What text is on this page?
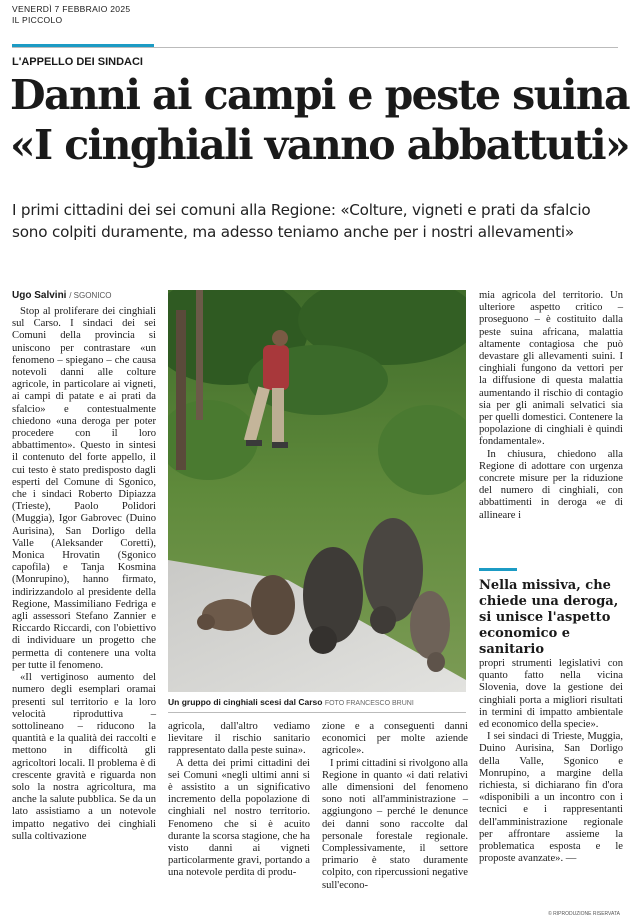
VENERDÌ 7 FEBBRAIO 2025
IL PICCOLO
L'APPELLO DEI SINDACI
Danni ai campi e peste suina
«I cinghiali vanno abbattuti»
I primi cittadini dei sei comuni alla Regione: «Colture, vigneti e prati da sfalcio sono colpiti duramente, ma adesso teniamo anche per i nostri allevamenti»
Ugo Salvini / SGONICO

Stop al proliferare dei cinghiali sul Carso. I sindaci dei sei Comuni della provincia si uniscono per contrastare «un fenomeno – spiegano – che causa notevoli danni alle colture agricole, in particolare ai vigneti, ai campi di patate e ai prati da sfalcio» e contestualmente chiedono «una deroga per poter procedere con il loro abbattimento». Questo in sintesi il contenuto del forte appello, il cui testo è stato predisposto dagli esperti del Comune di Sgonico, che i sindaci Roberto Dipiazza (Trieste), Paolo Polidori (Muggia), Igor Gabrovec (Duino Aurisina), San Dorligo della Valle (Aleksander Coretti), Monica Hrovatin (Sgonico capofila) e Tanja Kosmina (Monrupino), hanno firmato, indirizzandolo al presidente della Regione, Massimiliano Fedriga e agli assessori Stefano Zannier e Riccardo Riccardi, con l'obiettivo di individuare un progetto che permetta di contenere una volta per tutte il fenomeno.

«Il vertiginoso aumento del numero degli esemplari oramai presenti sul territorio e la loro velocità riproduttiva – sottolineano – riducono la quantità e la qualità dei raccolti e mettono in difficoltà gli agricoltori locali. Il problema è di crescente gravità e riguarda non solo la nostra agricoltura, ma anche la salute pubblica. Se da un lato assistiamo a un notevole impatto negativo dei cinghiali sulla coltivazione

Un gruppo di cinghiali scesi dal Carso FOTO FRANCESCO BRUNI

agricola, dall'altro vediamo lievitare il rischio sanitario rappresentato dalla peste suina».

A detta dei primi cittadini dei sei Comuni «negli ultimi anni si è assistito a un significativo incremento della popolazione di cinghiali nel nostro territorio. Fenomeno che si è acuito durante la scorsa stagione, che ha visto danni ai vigneti particolarmente gravi, portando a una notevole perdita di produ-

zione e a conseguenti danni economici per molte aziende agricole».

I primi cittadini si rivolgono alla Regione in quanto «i dati relativi alle dimensioni del fenomeno sono noti all'amministrazione – aggiungono – perché le denunce dei danni sono raccolte dal personale forestale regionale. Complessivamente, il settore primario è stato duramente colpito, con ripercussioni negative sull'econo-

mia agricola del territorio. Un ulteriore aspetto critico – proseguono – è costituito dalla peste suina africana, malattia altamente contagiosa che può devastare gli allevamenti suini. I cinghiali fungono da vettori per la diffusione di questa malattia aumentando il rischio di contagio sia per gli animali selvatici sia per quelli domestici. Contenere la popolazione di cinghiali è quindi fondamentale».

In chiusura, chiedono alla Regione di adottare con urgenza concrete misure per la riduzione del numero di cinghiali, con abbattimenti in deroga «e di allineare i

Nella missiva, che chiede una deroga, si unisce l'aspetto economico e sanitario

propri strumenti legislativi con quanto fatto nella vicina Slovenia, dove la gestione dei cinghiali porta a migliori risultati in termini di impatto ambientale ed economico della specie».

I sei sindaci di Trieste, Muggia, Duino Aurisina, San Dorligo della Valle, Sgonico e Monrupino, a margine della richiesta, si dichiarano fin d'ora «disponibili a un incontro con i tecnici e i rappresentanti dell'amministrazione regionale per affrontare assieme la problematica esposta e le proposte avanzate». —

© RIPRODUZIONE RISERVATA
